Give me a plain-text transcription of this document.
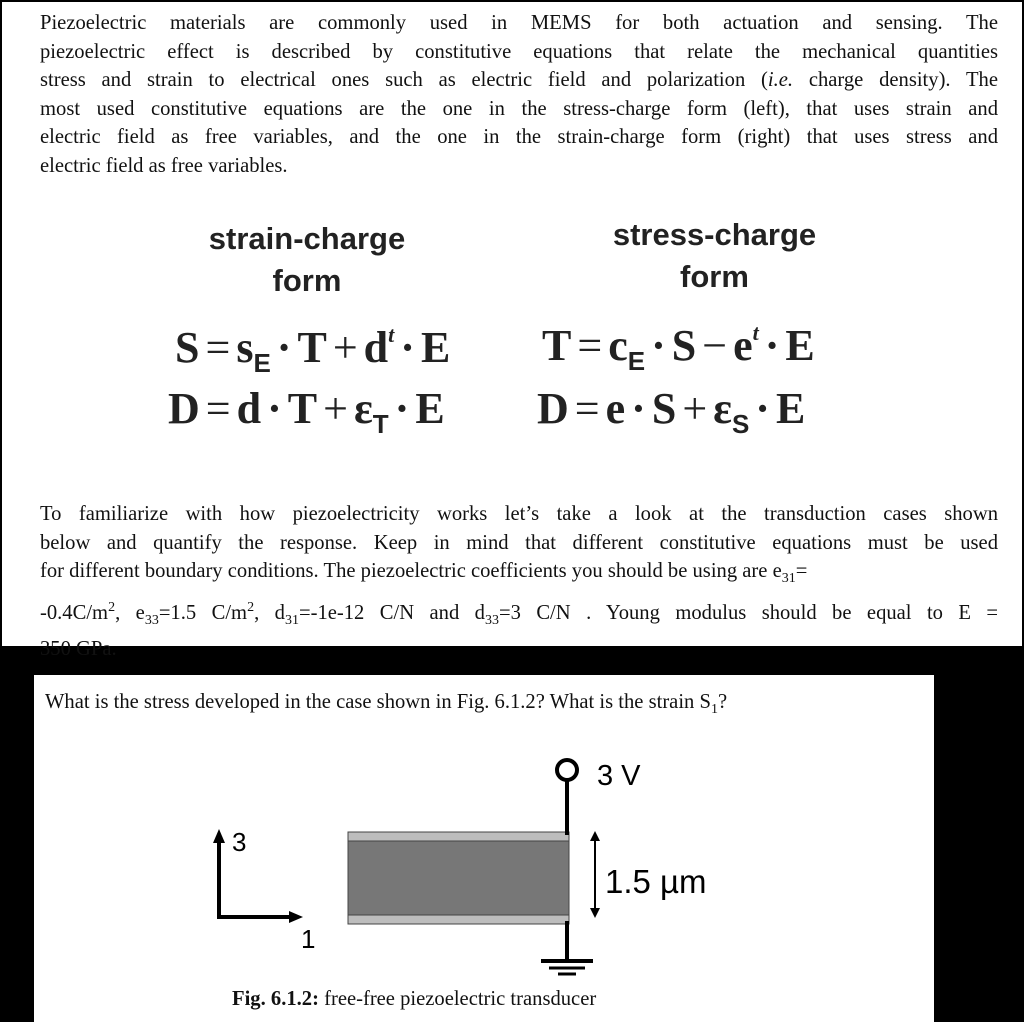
Piezoelectric materials are commonly used in MEMS for both actuation and sensing. The
piezoelectric effect is described by constitutive equations that relate the mechanical quantities
stress and strain to electrical ones such as electric field and polarization (i.e. charge density). The
most used constitutive equations are the one in the stress-charge form (left), that uses strain and
electric field as free variables, and the one in the strain-charge form (right) that uses stress and
electric field as free variables.
strain-charge
form
stress-charge
form
$S = s_E \cdot T + d^t \cdot E$
$D = d \cdot T + \varepsilon_T \cdot E$
$T = c_E \cdot S - e^t \cdot E$
$D = e \cdot S + \varepsilon_S \cdot E$
To familiarize with how piezoelectricity works let’s take a look at the transduction cases shown
below and quantify the response. Keep in mind that different constitutive equations must be used
for different boundary conditions. The piezoelectric coefficients you should be using are $e_{31}=$
$-0.4C/m^2$, $e_{33}=1.5$ $C/m^2$, $d_{31}=-1e-12$ C/N and $d_{33}=3$ C/N . Young modulus should be equal to E =
350 GPa.
What is the stress developed in the case shown in Fig. 6.1.2? What is the strain $S_1$?
3
1
3 V
1.5 µm
Fig. 6.1.2: free-free piezoelectric transducer
